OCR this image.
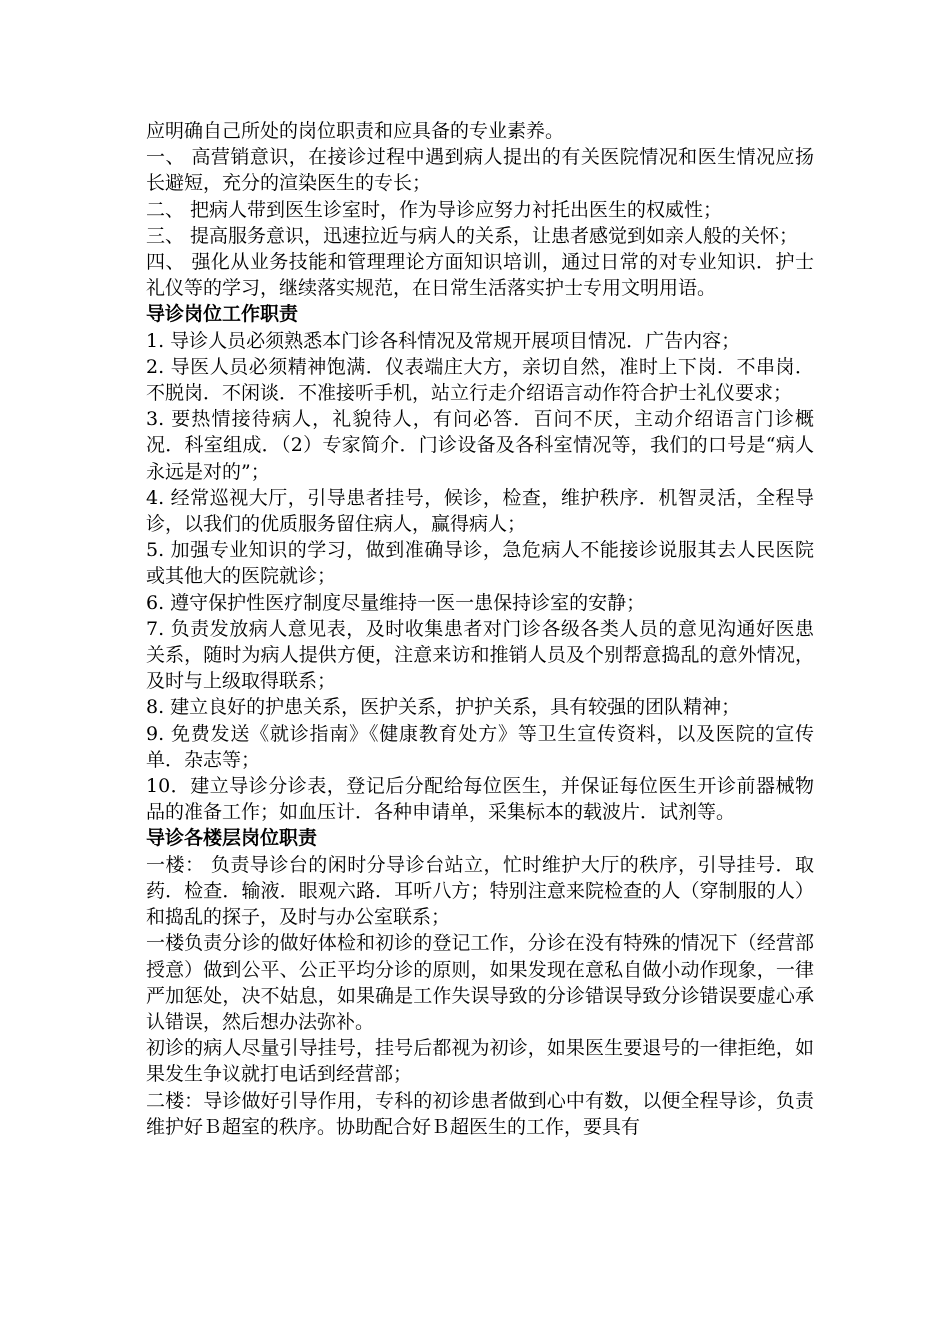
应明确自己所处的岗位职责和应具备的专业素养。

一、 高营销意识，在接诊过程中遇到病人提出的有关医院情况和医生情况应扬长避短，充分的渲染医生的专长；

二、 把病人带到医生诊室时，作为导诊应努力衬托出医生的权威性；

三、 提高服务意识，迅速拉近与病人的关系，让患者感觉到如亲人般的关怀；

四、 强化从业务技能和管理理论方面知识培训，通过日常的对专业知识．护士礼仪等的学习，继续落实规范，在日常生活落实护士专用文明用语。

导诊岗位工作职责

1. 导诊人员必须熟悉本门诊各科情况及常规开展项目情况．广告内容；

2. 导医人员必须精神饱满．仪表端庄大方，亲切自然，准时上下岗．不串岗．不脱岗．不闲谈．不准接听手机，站立行走介绍语言动作符合护士礼仪要求；

3. 要热情接待病人，礼貌待人，有问必答．百问不厌，主动介绍语言门诊概况．科室组成．（2）专家简介．门诊设备及各科室情况等，我们的口号是“病人永远是对的”；

4. 经常巡视大厅，引导患者挂号，候诊，检查，维护秩序．机智灵活，全程导诊，以我们的优质服务留住病人，赢得病人；

5. 加强专业知识的学习，做到准确导诊，急危病人不能接诊说服其去人民医院或其他大的医院就诊；

6. 遵守保护性医疗制度尽量维持一医一患保持诊室的安静；

7. 负责发放病人意见表，及时收集患者对门诊各级各类人员的意见沟通好医患关系，随时为病人提供方便，注意来访和推销人员及个别帮意捣乱的意外情况，及时与上级取得联系；

8. 建立良好的护患关系，医护关系，护护关系，具有较强的团队精神；

9. 免费发送《就诊指南》《健康教育处方》等卫生宣传资料，以及医院的宣传单．杂志等；

10．建立导诊分诊表，登记后分配给每位医生，并保证每位医生开诊前器械物品的准备工作；如血压计．各种申请单，采集标本的载波片．试剂等。

导诊各楼层岗位职责

一楼： 负责导诊台的闲时分导诊台站立，忙时维护大厅的秩序，引导挂号．取药．检查．输液．眼观六路．耳听八方；特别注意来院检查的人（穿制服的人）和捣乱的探子，及时与办公室联系；

一楼负责分诊的做好体检和初诊的登记工作，分诊在没有特殊的情况下（经营部授意）做到公平、公正平均分诊的原则，如果发现在意私自做小动作现象，一律严加惩处，决不姑息，如果确是工作失误导致的分诊错误导致分诊错误要虚心承认错误，然后想办法弥补。

初诊的病人尽量引导挂号，挂号后都视为初诊，如果医生要退号的一律拒绝，如果发生争议就打电话到经营部；

二楼：导诊做好引导作用，专科的初诊患者做到心中有数，以便全程导诊，负责维护好Ｂ超室的秩序。协助配合好Ｂ超医生的工作，要具有
